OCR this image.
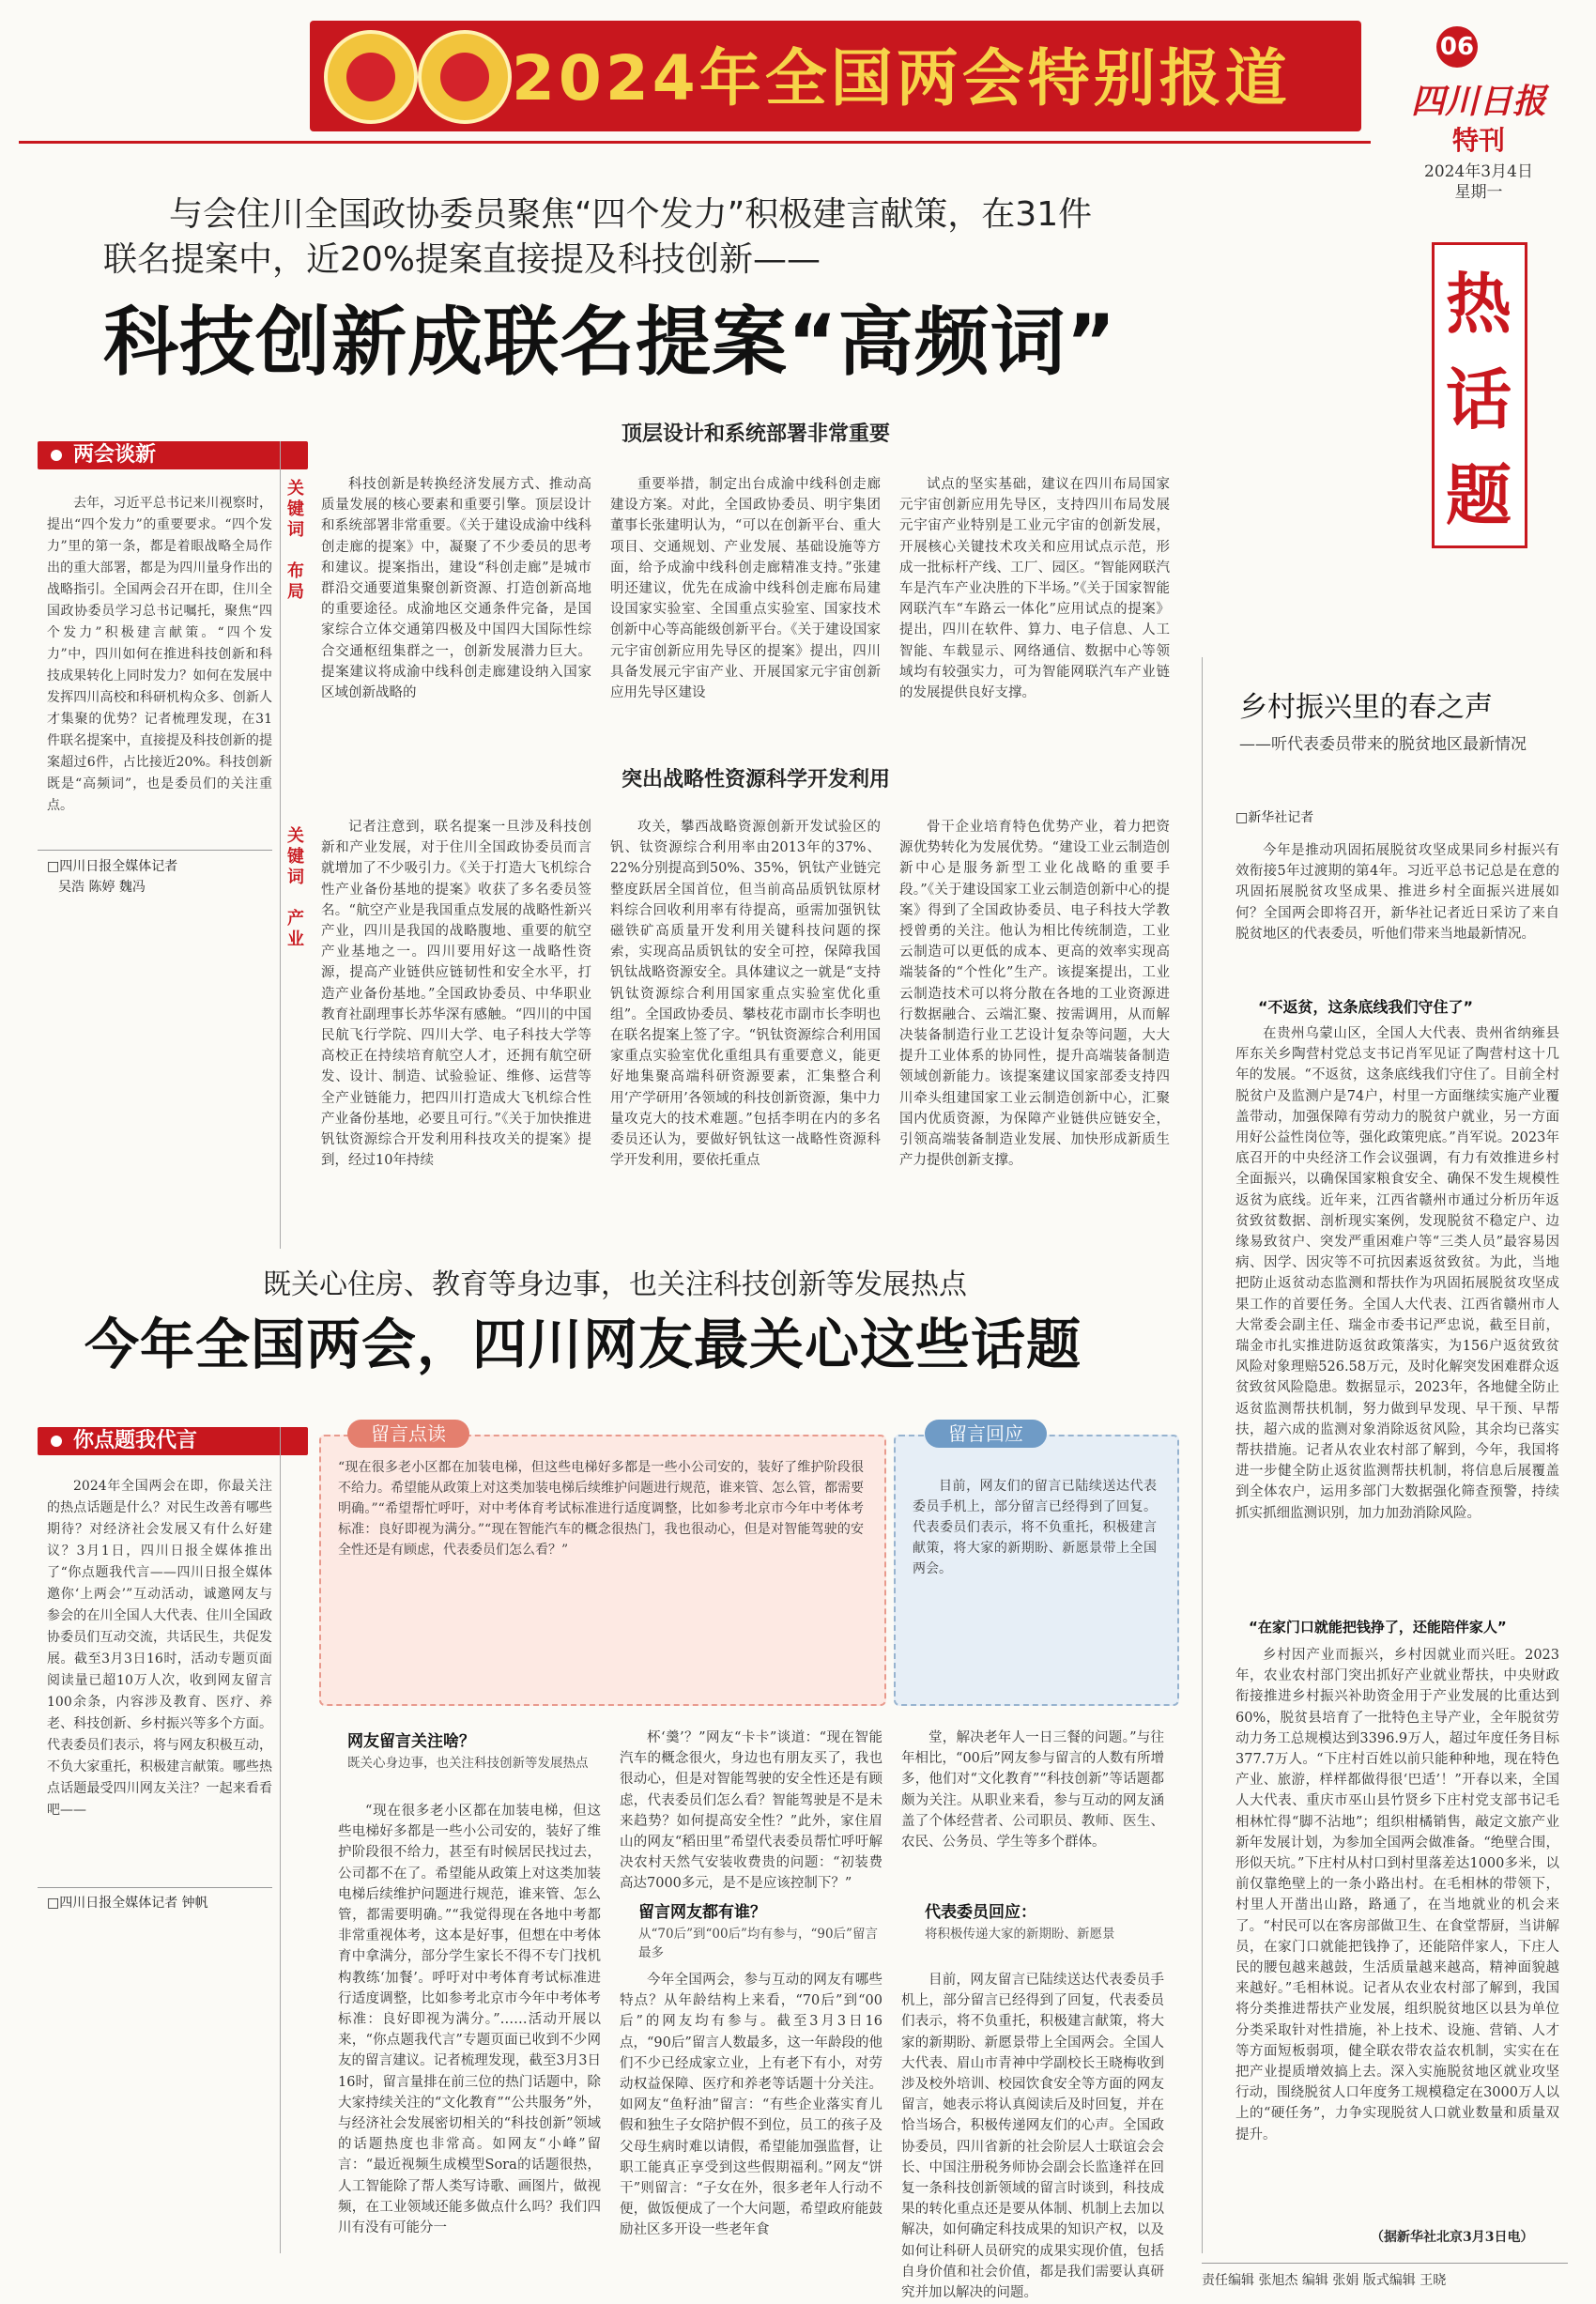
2024年全国两会特别报道	06
四川日报
特刊
2024年3月4日
星期一
热
话
题
与会住川全国政协委员聚焦“四个发力”积极建言献策，在31件
联名提案中，近20%提案直接提及科技创新——
科技创新成联名提案“高频词”
两会谈新
去年，习近平总书记来川视察时，提出“四个发力”的重要要求。“四个发力”里的第一条，都是着眼战略全局作出的重大部署，都是为四川量身作出的战略指引。全国两会召开在即，住川全国政协委员学习总书记嘱托，聚焦“四个发力”积极建言献策。“四个发力”中，四川如何在推进科技创新和科技成果转化上同时发力？如何在发展中发挥四川高校和科研机构众多、创新人才集聚的优势？记者梳理发现，在31件联名提案中，直接提及科技创新的提案超过6件，占比接近20%。科技创新既是“高频词”，也是委员们的关注重点。
□四川日报全媒体记者
吴浩 陈婷 魏冯
顶层设计和系统部署非常重要
突出战略性资源科学开发利用
关
键
词

布
局
关
键
词

产
业

科技创新是转换经济发展方式、推动高质量发展的核心要素和重要引擎。顶层设计和系统部署非常重要。《关于建设成渝中线科创走廊的提案》中，凝聚了不少委员的思考和建议。提案指出，建设“科创走廊”是城市群沿交通要道集聚创新资源、打造创新高地的重要途径。成渝地区交通条件完备，是国家综合立体交通第四极及中国四大国际性综合交通枢纽集群之一，创新发展潜力巨大。提案建议将成渝中线科创走廊建设纳入国家区域创新战略的

重要举措，制定出台成渝中线科创走廊建设方案。对此，全国政协委员、明宇集团董事长张建明认为，“可以在创新平台、重大项目、交通规划、产业发展、基础设施等方面，给予成渝中线科创走廊精准支持。”张建明还建议，优先在成渝中线科创走廊布局建设国家实验室、全国重点实验室、国家技术创新中心等高能级创新平台。《关于建设国家元宇宙创新应用先导区的提案》提出，四川具备发展元宇宙产业、开展国家元宇宙创新应用先导区建设

试点的坚实基础，建议在四川布局国家元宇宙创新应用先导区，支持四川布局发展元宇宙产业特别是工业元宇宙的创新发展，开展核心关键技术攻关和应用试点示范，形成一批标杆产线、工厂、园区。“智能网联汽车是汽车产业决胜的下半场。”《关于国家智能网联汽车“车路云一体化”应用试点的提案》提出，四川在软件、算力、电子信息、人工智能、车载显示、网络通信、数据中心等领域均有较强实力，可为智能网联汽车产业链的发展提供良好支撑。

记者注意到，联名提案一旦涉及科技创新和产业发展，对于住川全国政协委员而言就增加了不少吸引力。《关于打造大飞机综合性产业备份基地的提案》收获了多名委员签名。“航空产业是我国重点发展的战略性新兴产业，四川是我国的战略腹地、重要的航空产业基地之一。四川要用好这一战略性资源，提高产业链供应链韧性和安全水平，打造产业备份基地。”全国政协委员、中华职业教育社副理事长苏华深有感触。“四川的中国民航飞行学院、四川大学、电子科技大学等高校正在持续培育航空人才，还拥有航空研发、设计、制造、试验验证、维修、运营等全产业链能力，把四川打造成大飞机综合性产业备份基地，必要且可行。”《关于加快推进钒钛资源综合开发利用科技攻关的提案》提到，经过10年持续

攻关，攀西战略资源创新开发试验区的钒、钛资源综合利用率由2013年的37%、22%分别提高到50%、35%，钒钛产业链完整度跃居全国首位，但当前高品质钒钛原材料综合回收利用率有待提高，亟需加强钒钛磁铁矿高质量开发利用关键科技问题的探索，实现高品质钒钛的安全可控，保障我国钒钛战略资源安全。具体建议之一就是“支持钒钛资源综合利用国家重点实验室优化重组”。全国政协委员、攀枝花市副市长李明也在联名提案上签了字。“钒钛资源综合利用国家重点实验室优化重组具有重要意义，能更好地集聚高端科研资源要素，汇集整合利用‘产学研用’各领域的科技创新资源，集中力量攻克大的技术难题。”包括李明在内的多名委员还认为，要做好钒钛这一战略性资源科学开发利用，要依托重点

骨干企业培育特色优势产业，着力把资源优势转化为发展优势。“建设工业云制造创新中心是服务新型工业化战略的重要手段。”《关于建设国家工业云制造创新中心的提案》得到了全国政协委员、电子科技大学教授曾勇的关注。他认为相比传统制造，工业云制造可以更低的成本、更高的效率实现高端装备的“个性化”生产。该提案提出，工业云制造技术可以将分散在各地的工业资源进行数据融合、云端汇聚、按需调用，从而解决装备制造行业工艺设计复杂等问题，大大提升工业体系的协同性，提升高端装备制造领域创新能力。该提案建议国家部委支持四川牵头组建国家工业云制造创新中心，汇聚国内优质资源，为保障产业链供应链安全，引领高端装备制造业发展、加快形成新质生产力提供创新支撑。

既关心住房、教育等身边事，也关注科技创新等发展热点
今年全国两会，四川网友最关心这些话题
你点题我代言
2024年全国两会在即，你最关注的热点话题是什么？对民生改善有哪些期待？对经济社会发展又有什么好建议？3月1日，四川日报全媒体推出了“你点题我代言——四川日报全媒体邀你‘上两会’”互动活动，诚邀网友与参会的在川全国人大代表、住川全国政协委员们互动交流，共话民生，共促发展。截至3月3日16时，活动专题页面阅读量已超10万人次，收到网友留言100余条，内容涉及教育、医疗、养老、科技创新、乡村振兴等多个方面。代表委员们表示，将与网友积极互动，不负大家重托，积极建言献策。哪些热点话题最受四川网友关注？一起来看看吧——
□四川日报全媒体记者 钟帆
留言点读
“现在很多老小区都在加装电梯，但这些电梯好多都是一些小公司安的，装好了维护阶段很不给力。希望能从政策上对这类加装电梯后续维护问题进行规范，谁来管、怎么管，都需要明确。”“希望帮忙呼吁，对中考体育考试标准进行适度调整，比如参考北京市今年中考体考标准：良好即视为满分。”“现在智能汽车的概念很热门，我也很动心，但是对智能驾驶的安全性还是有顾虑，代表委员们怎么看？”
留言回应
目前，网友们的留言已陆续送达代表委员手机上，部分留言已经得到了回复。代表委员们表示，将不负重托，积极建言献策，将大家的新期盼、新愿景带上全国两会。
网友留言关注啥？
既关心身边事，也关注科技创新等发展热点

“现在很多老小区都在加装电梯，但这些电梯好多都是一些小公司安的，装好了维护阶段很不给力，甚至有时候居民找过去，公司都不在了。希望能从政策上对这类加装电梯后续维护问题进行规范，谁来管、怎么管，都需要明确。”“我觉得现在各地中考都非常重视体考，这本是好事，但想在中考体育中拿满分，部分学生家长不得不专门找机构教练‘加餐’。呼吁对中考体育考试标准进行适度调整，比如参考北京市今年中考体考标准：良好即视为满分。”……活动开展以来，“你点题我代言”专题页面已收到不少网友的留言建议。记者梳理发现，截至3月3日16时，留言量排在前三位的热门话题中，除大家持续关注的“文化教育”“公共服务”外，与经济社会发展密切相关的“科技创新”领域的话题热度也非常高。如网友“小峰”留言：“最近视频生成模型Sora的话题很热，人工智能除了帮人类写诗歌、画图片，做视频，在工业领域还能多做点什么吗？我们四川有没有可能分一

杯‘羹’？”网友“卡卡”谈道：“现在智能汽车的概念很火，身边也有朋友买了，我也很动心，但是对智能驾驶的安全性还是有顾虑，代表委员们怎么看？智能驾驶是不是未来趋势？如何提高安全性？”此外，家住眉山的网友“稻田里”希望代表委员帮忙呼吁解决农村天然气安装收费贵的问题：“初装费高达7000多元，是不是应该控制下？”

留言网友都有谁？
从“70后”到“00后”均有参与，“90后”留言最多

今年全国两会，参与互动的网友有哪些特点？从年龄结构上来看，“70后”到“00后”的网友均有参与。截至3月3日16点，“90后”留言人数最多，这一年龄段的他们不少已经成家立业，上有老下有小，对劳动权益保障、医疗和养老等话题十分关注。如网友“鱼籽油”留言：“有些企业落实育儿假和独生子女陪护假不到位，员工的孩子及父母生病时难以请假，希望能加强监督，让职工能真正享受到这些假期福利。”网友“饼干”则留言：“子女在外，很多老年人行动不便，做饭便成了一个大问题，希望政府能鼓励社区多开设一些老年食

堂，解决老年人一日三餐的问题。”与往年相比，“00后”网友参与留言的人数有所增多，他们对“文化教育”“科技创新”等话题都颇为关注。从职业来看，参与互动的网友涵盖了个体经营者、公司职员、教师、医生、农民、公务员、学生等多个群体。

代表委员回应：
将积极传递大家的新期盼、新愿景

目前，网友留言已陆续送达代表委员手机上，部分留言已经得到了回复，代表委员们表示，将不负重托，积极建言献策，将大家的新期盼、新愿景带上全国两会。全国人大代表、眉山市青神中学副校长王晓梅收到涉及校外培训、校园饮食安全等方面的网友留言，她表示将认真阅读后及时回复，并在恰当场合，积极传递网友们的心声。全国政协委员，四川省新的社会阶层人士联谊会会长、中国注册税务师协会副会长监逢祥在回复一条科技创新领域的留言时谈到，科技成果的转化重点还是要从体制、机制上去加以解决，如何确定科技成果的知识产权，以及如何让科研人员研究的成果实现价值，包括自身价值和社会价值，都是我们需要认真研究并加以解决的问题。

乡村振兴里的春之声
——听代表委员带来的脱贫地区最新情况
□新华社记者

今年是推动巩固拓展脱贫攻坚成果同乡村振兴有效衔接5年过渡期的第4年。习近平总书记总是在意的巩固拓展脱贫攻坚成果、推进乡村全面振兴进展如何？全国两会即将召开，新华社记者近日采访了来自脱贫地区的代表委员，听他们带来当地最新情况。

“不返贫，这条底线我们守住了”

在贵州乌蒙山区，全国人大代表、贵州省纳雍县厍东关乡陶营村党总支书记肖军见证了陶营村这十几年的发展。“不返贫，这条底线我们守住了。目前全村脱贫户及监测户是74户，村里一方面继续实施产业覆盖带动，加强保障有劳动力的脱贫户就业，另一方面用好公益性岗位等，强化政策兜底。”肖军说。2023年底召开的中央经济工作会议强调，有力有效推进乡村全面振兴，以确保国家粮食安全、确保不发生规模性返贫为底线。近年来，江西省赣州市通过分析历年返贫致贫数据、剖析现实案例，发现脱贫不稳定户、边缘易致贫户、突发严重困难户等“三类人员”最容易因病、因学、因灾等不可抗因素返贫致贫。为此，当地把防止返贫动态监测和帮扶作为巩固拓展脱贫攻坚成果工作的首要任务。全国人大代表、江西省赣州市人大常委会副主任、瑞金市委书记严忠说，截至目前，瑞金市扎实推进防返贫政策落实，为156户返贫致贫风险对象理赔526.58万元，及时化解突发困难群众返贫致贫风险隐患。数据显示，2023年，各地健全防止返贫监测帮扶机制，努力做到早发现、早干预、早帮扶，超六成的监测对象消除返贫风险，其余均已落实帮扶措施。记者从农业农村部了解到，今年，我国将进一步健全防止返贫监测帮扶机制，将信息后展覆盖到全体农户，运用多部门大数据强化筛查预警，持续抓实抓细监测识别，加力加劲消除风险。

“在家门口就能把钱挣了，还能陪伴家人”

乡村因产业而振兴，乡村因就业而兴旺。2023年，农业农村部门突出抓好产业就业帮扶，中央财政衔接推进乡村振兴补助资金用于产业发展的比重达到60%，脱贫县培育了一批特色主导产业，全年脱贫劳动力务工总规模达到3396.9万人，超过年度任务目标377.7万人。“下庄村百姓以前只能种种地，现在特色产业、旅游，样样都做得很‘巴适’！”开春以来，全国人大代表、重庆市巫山县竹贤乡下庄村党支部书记毛相林忙得“脚不沾地”；组织柑橘销售，敲定文旅产业新年发展计划，为参加全国两会做准备。“绝壁合围，形似天坑。”下庄村从村口到村里落差达1000多米，以前仅靠绝壁上的一条小路出村。在毛相林的带领下，村里人开凿出山路，路通了，在当地就业的机会来了。“村民可以在客房部做卫生、在食堂帮厨，当讲解员，在家门口就能把钱挣了，还能陪伴家人，下庄人民的腰包越来越鼓，生活质量越来越高，精神面貌越来越好。”毛相林说。记者从农业农村部了解到，我国将分类推进帮扶产业发展，组织脱贫地区以县为单位分类采取针对性措施，补上技术、设施、营销、人才等方面短板弱项，健全联农带农益农机制，实实在在把产业提质增效搞上去。深入实施脱贫地区就业攻坚行动，围绕脱贫人口年度务工规模稳定在3000万人以上的“硬任务”，力争实现脱贫人口就业数量和质量双提升。

（据新华社北京3月3日电）
责任编辑 张旭杰 编辑 张娟 版式编辑 王晓
